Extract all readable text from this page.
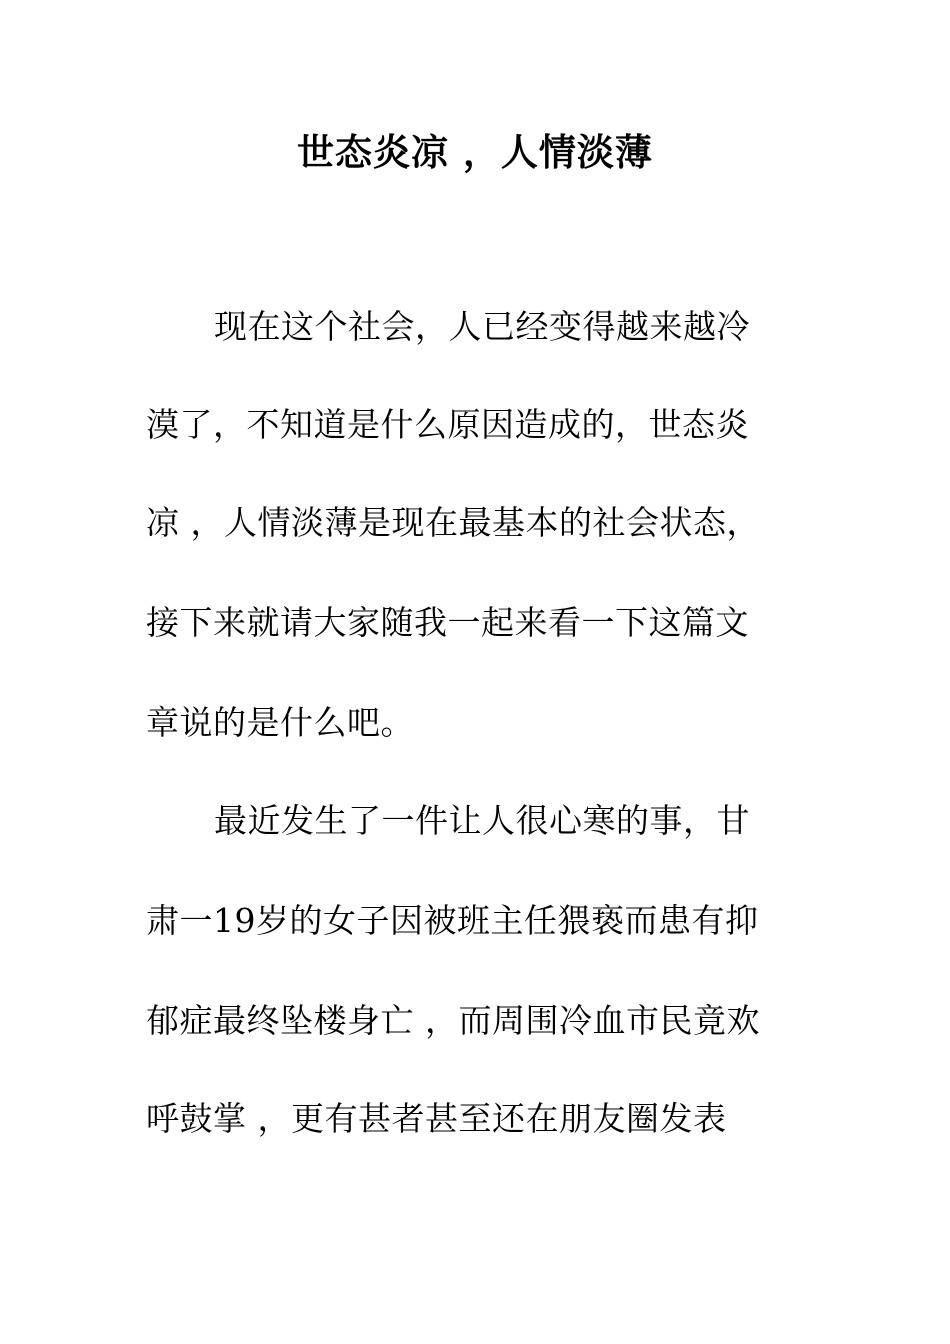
世态炎凉 ，人情淡薄
现在这个社会，人已经变得越来越冷
漠了，不知道是什么原因造成的，世态炎
凉 ，人情淡薄是现在最基本的社会状态，
接下来就请大家随我一起来看一下这篇文
章说的是什么吧。
最近发生了一件让人很心寒的事，甘
肃一19岁的女子因被班主任猥亵而患有抑
郁症最终坠楼身亡 ，而周围冷血市民竟欢
呼鼓掌 ，更有甚者甚至还在朋友圈发表
